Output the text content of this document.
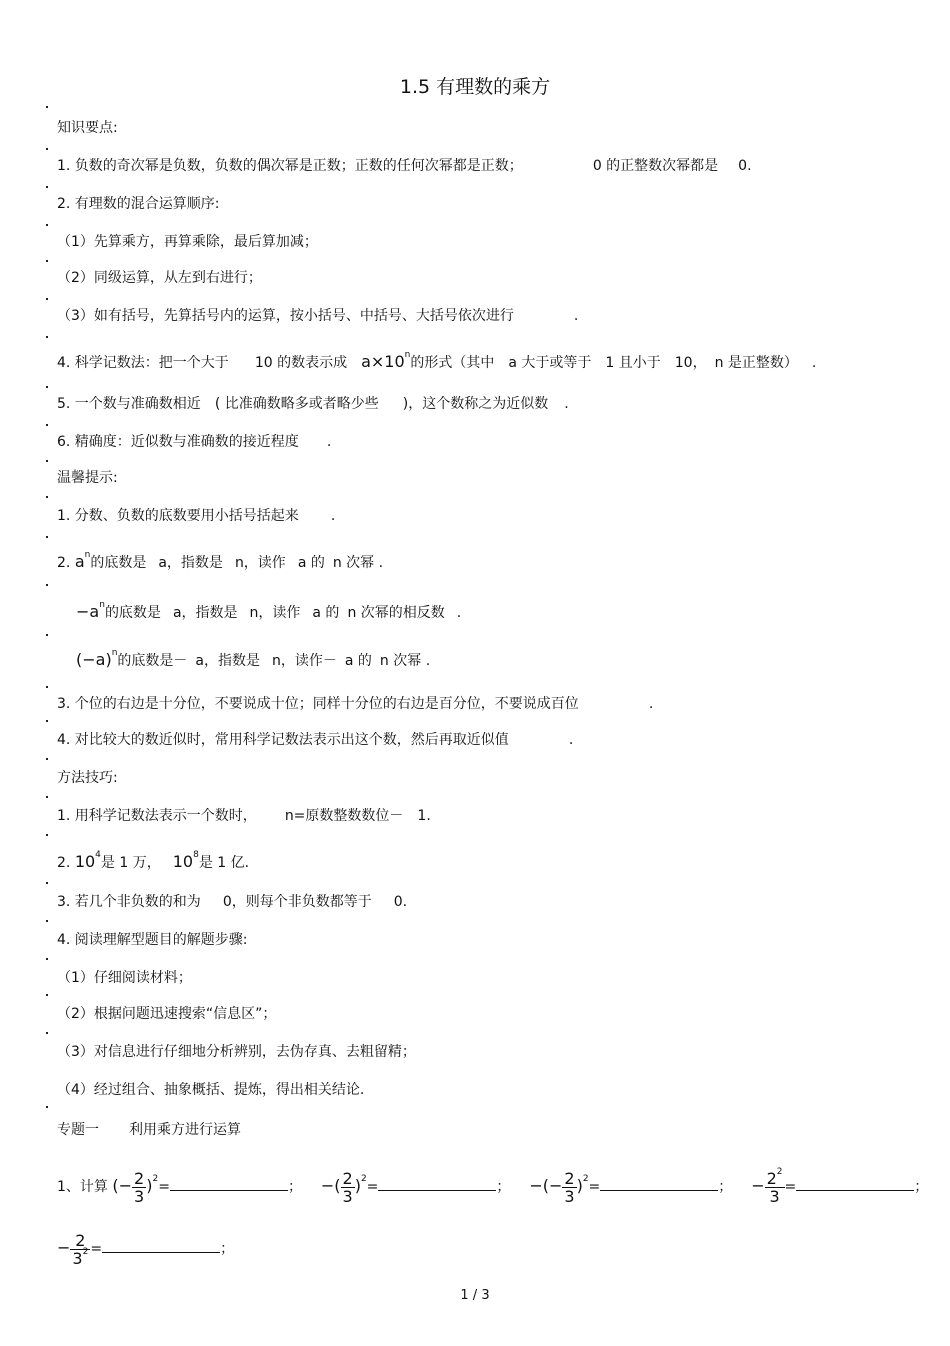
1.5 有理数的乘方
知识要点:
1. 负数的奇次幂是负数，负数的偶次幂是正数；正数的任何次幂都是正数；	0 的正整数次幂都是 0.
2. 有理数的混合运算顺序:
（1）先算乘方，再算乘除，最后算加减；
（2）同级运算，从左到右进行；
（3）如有括号，先算括号内的运算，按小括号、中括号、大括号依次进行	.
4. 科学记数法：把一个大于 10 的数表示成 $a\times 10^n$的形式（其中 a 大于或等于 1 且小于 10， n 是正整数） .
5. 一个数与准确数相近 ( 比准确数略多或者略少些 )，这个数称之为近似数 .
6. 精确度：近似数与准确数的接近程度 .
温馨提示:
1. 分数、负数的底数要用小括号括起来 .
2. $a^n$的底数是 a，指数是 n，读作 a 的 n 次幂 .
$-a^n$的底数是 a，指数是 n，读作 a 的 n 次幂的相反数 .
$(-a)^n$的底数是－ a，指数是 n，读作－ a 的 n 次幂 .
3. 个位的右边是十分位，不要说成十位；同样十分位的右边是百分位，不要说成百位	.
4. 对比较大的数近似时，常用科学记数法表示出这个数，然后再取近似值	.
方法技巧:
1. 用科学记数法表示一个数时， n=原数整数数位－ 1.
2. $10^4$是 1 万， $10^8$是 1 亿.
3. 若几个非负数的和为 0，则每个非负数都等于 0.
4. 阅读理解型题目的解题步骤:
（1）仔细阅读材料；
（2）根据问题迅速搜索“信息区”；
（3）对信息进行仔细地分析辨别，去伪存真、去粗留精；
（4）经过组合、抽象概括、提炼，得出相关结论.
专题一 利用乘方进行运算
1、计算 (− $\frac{2}{3} )^2=$	； −( $\frac{2}{3} )^2=$	； −(− $\frac{2}{3} )^2=$	； − $\frac{2^2}{3}$ =	；
− $\frac{2}{3^2}$ =	；
1 / 3
